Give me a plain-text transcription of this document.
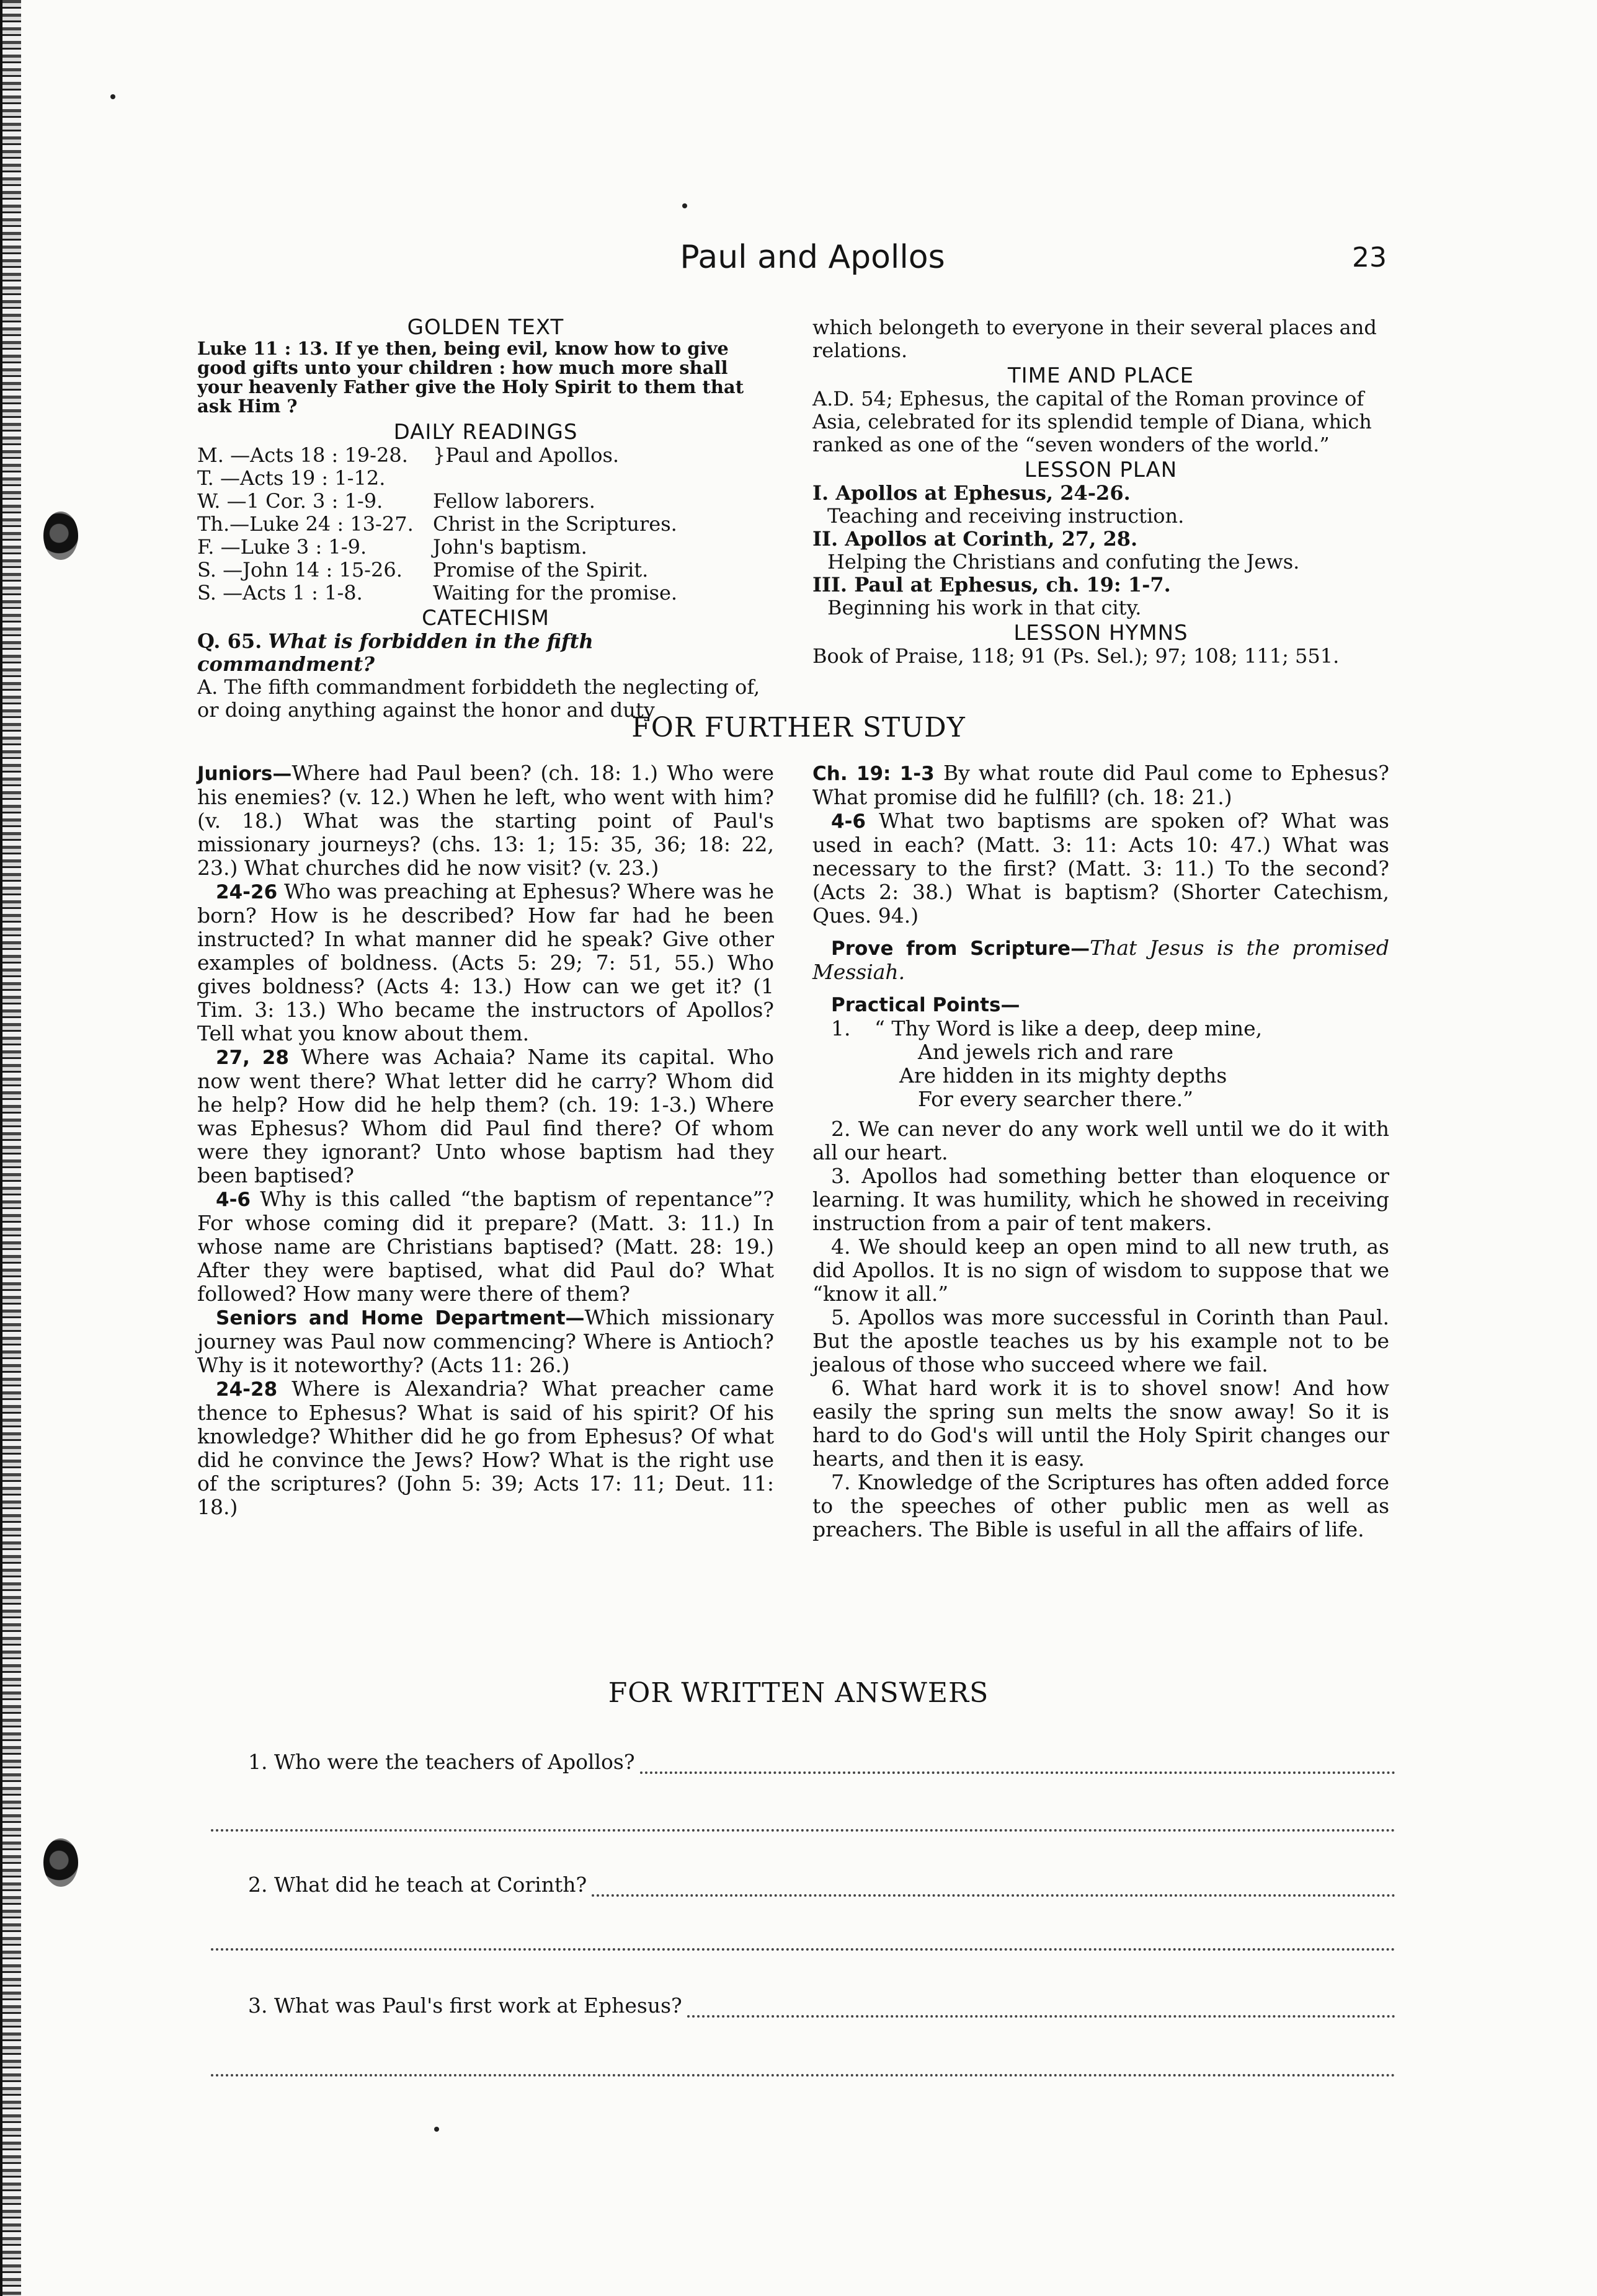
Paul and Apollos	23
GOLDEN TEXT
Luke 11 : 13. If ye then, being evil, know how to give good gifts unto your children : how much more shall your heavenly Father give the Holy Spirit to them that ask Him ?
DAILY READINGS
M. —Acts 18 : 19-28.	}Paul and Apollos.
T. —Acts 19 : 1-12.
W. —1 Cor. 3 : 1-9.	Fellow laborers.
Th.—Luke 24 : 13-27. Christ in the Scriptures.
F. —Luke 3 : 1-9.	John's baptism.
S. —John 14 : 15-26.	Promise of the Spirit.
S. —Acts 1 : 1-8.	Waiting for the promise.
CATECHISM
Q. 65. What is forbidden in the fifth commandment?
A. The fifth commandment forbiddeth the neglecting of, or doing anything against the honor and duty
which belongeth to everyone in their several places and relations.
TIME AND PLACE
A.D. 54; Ephesus, the capital of the Roman province of Asia, celebrated for its splendid temple of Diana, which ranked as one of the “seven wonders of the world.”
LESSON PLAN
I. Apollos at Ephesus, 24-26.
Teaching and receiving instruction.
II. Apollos at Corinth, 27, 28.
Helping the Christians and confuting the Jews.
III. Paul at Ephesus, ch. 19: 1-7.
Beginning his work in that city.
LESSON HYMNS
Book of Praise, 118; 91 (Ps. Sel.); 97; 108; 111; 551.
FOR FURTHER STUDY

Juniors—Where had Paul been? (ch. 18: 1.) Who were his enemies? (v. 12.) When he left, who went with him? (v. 18.) What was the starting point of Paul's missionary journeys? (chs. 13: 1; 15: 35, 36; 18: 22, 23.) What churches did he now visit? (v. 23.)

24-26 Who was preaching at Ephesus? Where was he born? How is he described? How far had he been instructed? In what manner did he speak? Give other examples of boldness. (Acts 5: 29; 7: 51, 55.) Who gives boldness? (Acts 4: 13.) How can we get it? (1 Tim. 3: 13.) Who became the instructors of Apollos? Tell what you know about them.

27, 28 Where was Achaia? Name its capital. Who now went there? What letter did he carry? Whom did he help? How did he help them? (ch. 19: 1-3.) Where was Ephesus? Whom did Paul find there? Of whom were they ignorant? Unto whose baptism had they been baptised?

4-6 Why is this called “the baptism of repentance”? For whose coming did it prepare? (Matt. 3: 11.) In whose name are Christians baptised? (Matt. 28: 19.) After they were baptised, what did Paul do? What followed? How many were there of them?

Seniors and Home Department—Which missionary journey was Paul now commencing? Where is Antioch? Why is it noteworthy? (Acts 11: 26.)

24-28 Where is Alexandria? What preacher came thence to Ephesus? What is said of his spirit? Of his knowledge? Whither did he go from Ephesus? Of what did he convince the Jews? How? What is the right use of the scriptures? (John 5: 39; Acts 17: 11; Deut. 11: 18.)

Ch. 19: 1-3 By what route did Paul come to Ephesus? What promise did he fulfill? (ch. 18: 21.)

4-6 What two baptisms are spoken of? What was used in each? (Matt. 3: 11: Acts 10: 47.) What was necessary to the first? (Matt. 3: 11.) To the second? (Acts 2: 38.) What is baptism? (Shorter Catechism, Ques. 94.)

Prove from Scripture—That Jesus is the promised Messiah.

Practical Points—

1. “ Thy Word is like a deep, deep mine,
And jewels rich and rare
Are hidden in its mighty depths
For every searcher there.”

2. We can never do any work well until we do it with all our heart.

3. Apollos had something better than eloquence or learning. It was humility, which he showed in receiving instruction from a pair of tent makers.

4. We should keep an open mind to all new truth, as did Apollos. It is no sign of wisdom to suppose that we “know it all.”

5. Apollos was more successful in Corinth than Paul. But the apostle teaches us by his example not to be jealous of those who succeed where we fail.

6. What hard work it is to shovel snow! And how easily the spring sun melts the snow away! So it is hard to do God's will until the Holy Spirit changes our hearts, and then it is easy.

7. Knowledge of the Scriptures has often added force to the speeches of other public men as well as preachers. The Bible is useful in all the affairs of life.

FOR WRITTEN ANSWERS
1. Who were the teachers of Apollos?
2. What did he teach at Corinth?
3. What was Paul's first work at Ephesus?
